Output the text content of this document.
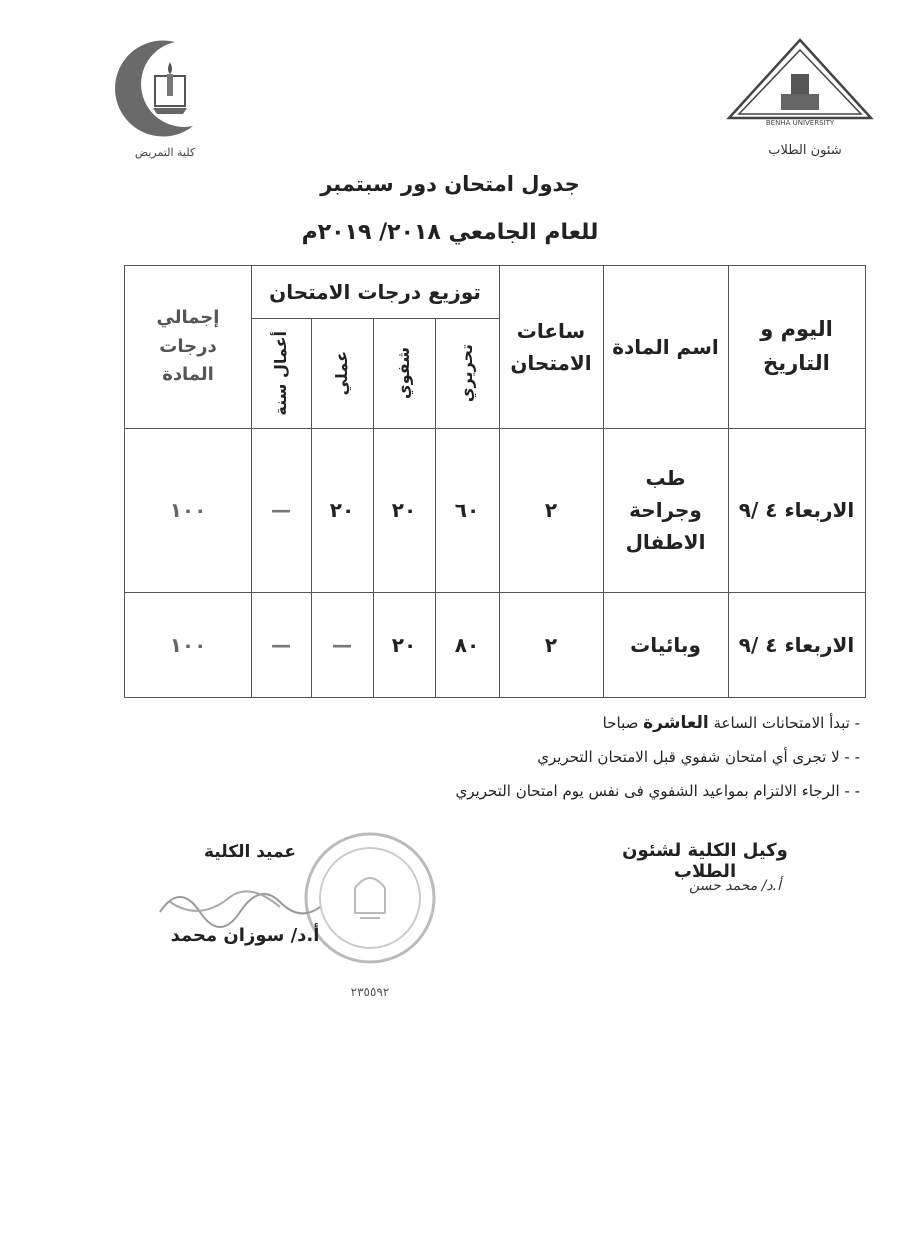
كلية التمريض
BENHA UNIVERSITY
شئون الطلاب
جدول امتحان دور سبتمبر
للعام الجامعي ٢٠١٨/ ٢٠١٩م
اليوم و التاريخ
اسم المادة
ساعات الامتحان
توزيع درجات الامتحان
تحريري
شفوي
عملي
أعمال سنة
إجمالي درجات المادة
الاربعاء ٤ /٩
طب وجراحة الاطفال
٢
٦٠
٢٠
٢٠
—
١٠٠
الاربعاء ٤ /٩
وبائيات
٢
٨٠
٢٠
—
—
١٠٠
- تبدأ الامتحانات الساعة العاشرة صباحا
- - لا تجرى أي امتحان شفوي قبل الامتحان التحريري
- - الرجاء الالتزام بمواعيد الشفوي فى نفس يوم امتحان التحريري
وكيل الكلية لشئون الطلاب
أ.د/ محمد حسن
عميد الكلية
أ.د/ سوزان محمد
٢٣٥٥٩٢
